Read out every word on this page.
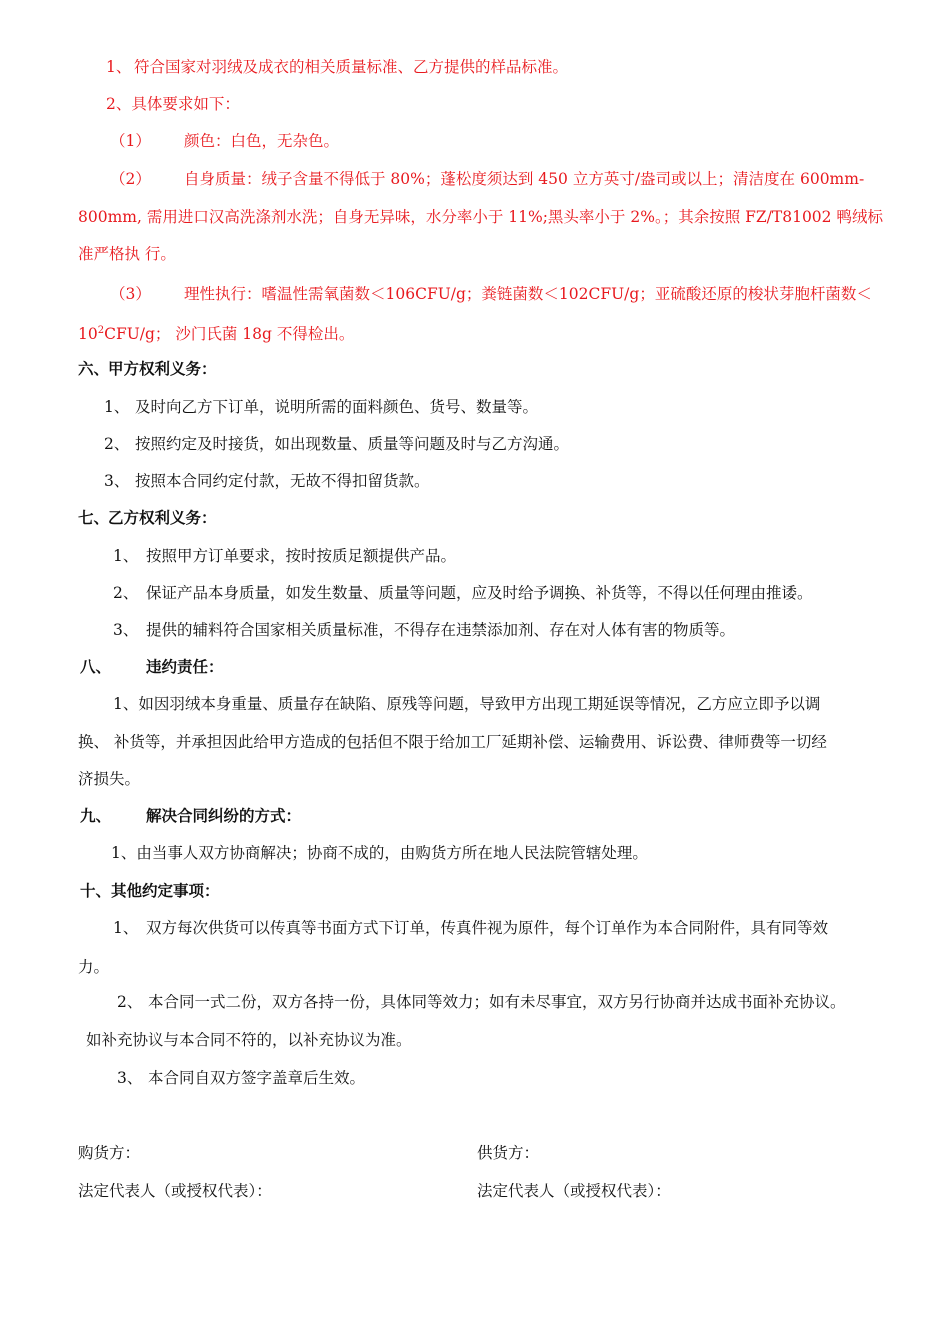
1、 符合国家对羽绒及成衣的相关质量标准、乙方提供的样品标准。
2、具体要求如下：
（1） 颜色：白色，无杂色。
（2） 自身质量：绒子含量不得低于 80%；蓬松度须达到 450 立方英寸/盎司或以上；清洁度在 600mm-
800mm, 需用进口汉高洗涤剂水洗；自身无异味，水分率小于 11%;黑头率小于 2%。；其余按照 FZ/T81002 鸭绒标
准严格执 行。
（3） 理性执行：嗜温性需氧菌数＜106CFU/g；粪链菌数＜102CFU/g；亚硫酸还原的梭状芽胞杆菌数＜
$10^2CFU/g$； 沙门氏菌 18g 不得检出。
六、
甲方权利义务：
1、 及时向乙方下订单，说明所需的面料颜色、货号、数量等。
2、 按照约定及时接货，如出现数量、质量等问题及时与乙方沟通。
3、 按照本合同约定付款，无故不得扣留货款。
七、
乙方权利义务：
1、 按照甲方订单要求，按时按质足额提供产品。
2、 保证产品本身质量，如发生数量、质量等问题，应及时给予调换、补货等，不得以任何理由推诿。
3、 提供的辅料符合国家相关质量标准，不得存在违禁添加剂、存在对人体有害的物质等。
八、 违约责任：
1、如因羽绒本身重量、质量存在缺陷、原残等问题，导致甲方出现工期延误等情况，乙方应立即予以调
换、 补货等，并承担因此给甲方造成的包括但不限于给加工厂延期补偿、运输费用、诉讼费、律师费等一切经
济损失。
九、 解决合同纠纷的方式：
1、由当事人双方协商解决；协商不成的，由购货方所在地人民法院管辖处理。
十、其他约定事项：
1、 双方每次供货可以传真等书面方式下订单，传真件视为原件，每个订单作为本合同附件，具有同等效
力。
2、 本合同一式二份，双方各持一份，具体同等效力；如有未尽事宜，双方另行协商并达成书面补充协议。
如补充协议与本合同不符的，以补充协议为准。
3、 本合同自双方签字盖章后生效。
购货方：	供货方：
法定代表人（或授权代表）：	法定代表人（或授权代表）：
